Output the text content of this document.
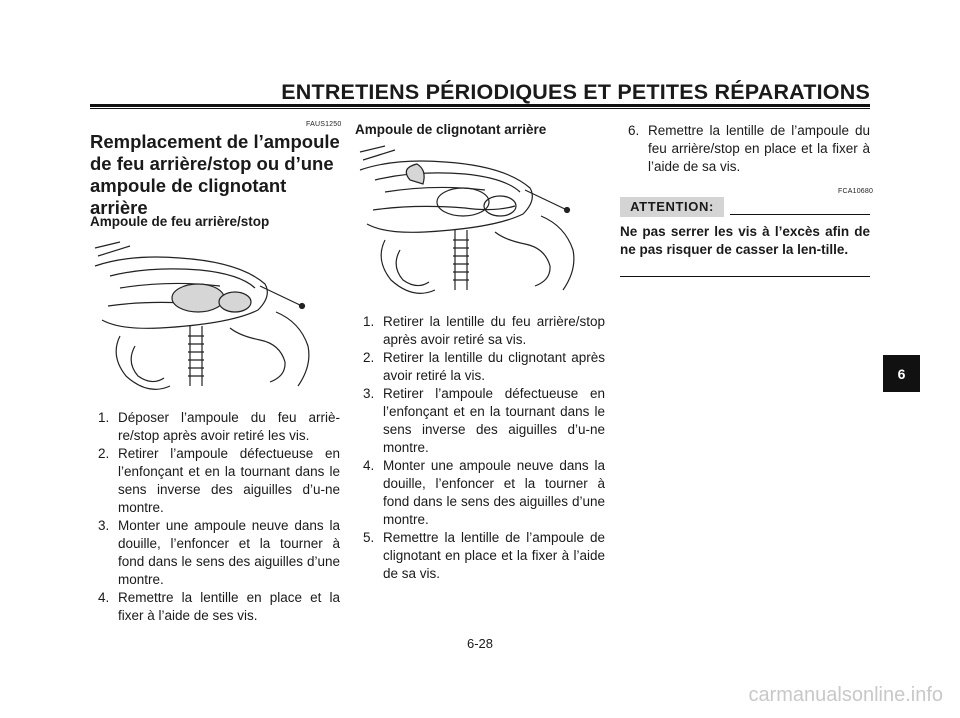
ENTRETIENS PÉRIODIQUES ET PETITES RÉPARATIONS
FAUS1250
Remplacement de l’ampoule
de feu arrière/stop ou d’une
ampoule de clignotant
arrière
Ampoule de feu arrière/stop
1. Déposer l’ampoule du feu arriè-re/stop après avoir retiré les vis.
2. Retirer l’ampoule défectueuse en l’enfonçant et en la tournant dans le sens inverse des aiguilles d’u-ne montre.
3. Monter une ampoule neuve dans la douille, l’enfoncer et la tourner à fond dans le sens des aiguilles d’une montre.
4. Remettre la lentille en place et la fixer à l’aide de ses vis.
Ampoule de clignotant arrière
1. Retirer la lentille du feu arrière/stop après avoir retiré sa vis.
2. Retirer la lentille du clignotant après avoir retiré la vis.
3. Retirer l’ampoule défectueuse en l’enfonçant et en la tournant dans le sens inverse des aiguilles d’u-ne montre.
4. Monter une ampoule neuve dans la douille, l’enfoncer et la tourner à fond dans le sens des aiguilles d’une montre.
5. Remettre la lentille de l’ampoule de clignotant en place et la fixer à l’aide de sa vis.
6. Remettre la lentille de l’ampoule du feu arrière/stop en place et la fixer à l’aide de sa vis.
FCA10680
ATTENTION:
Ne pas serrer les vis à l’excès afin de ne pas risquer de casser la len-tille.
6
6-28
carmanualsonline.info
